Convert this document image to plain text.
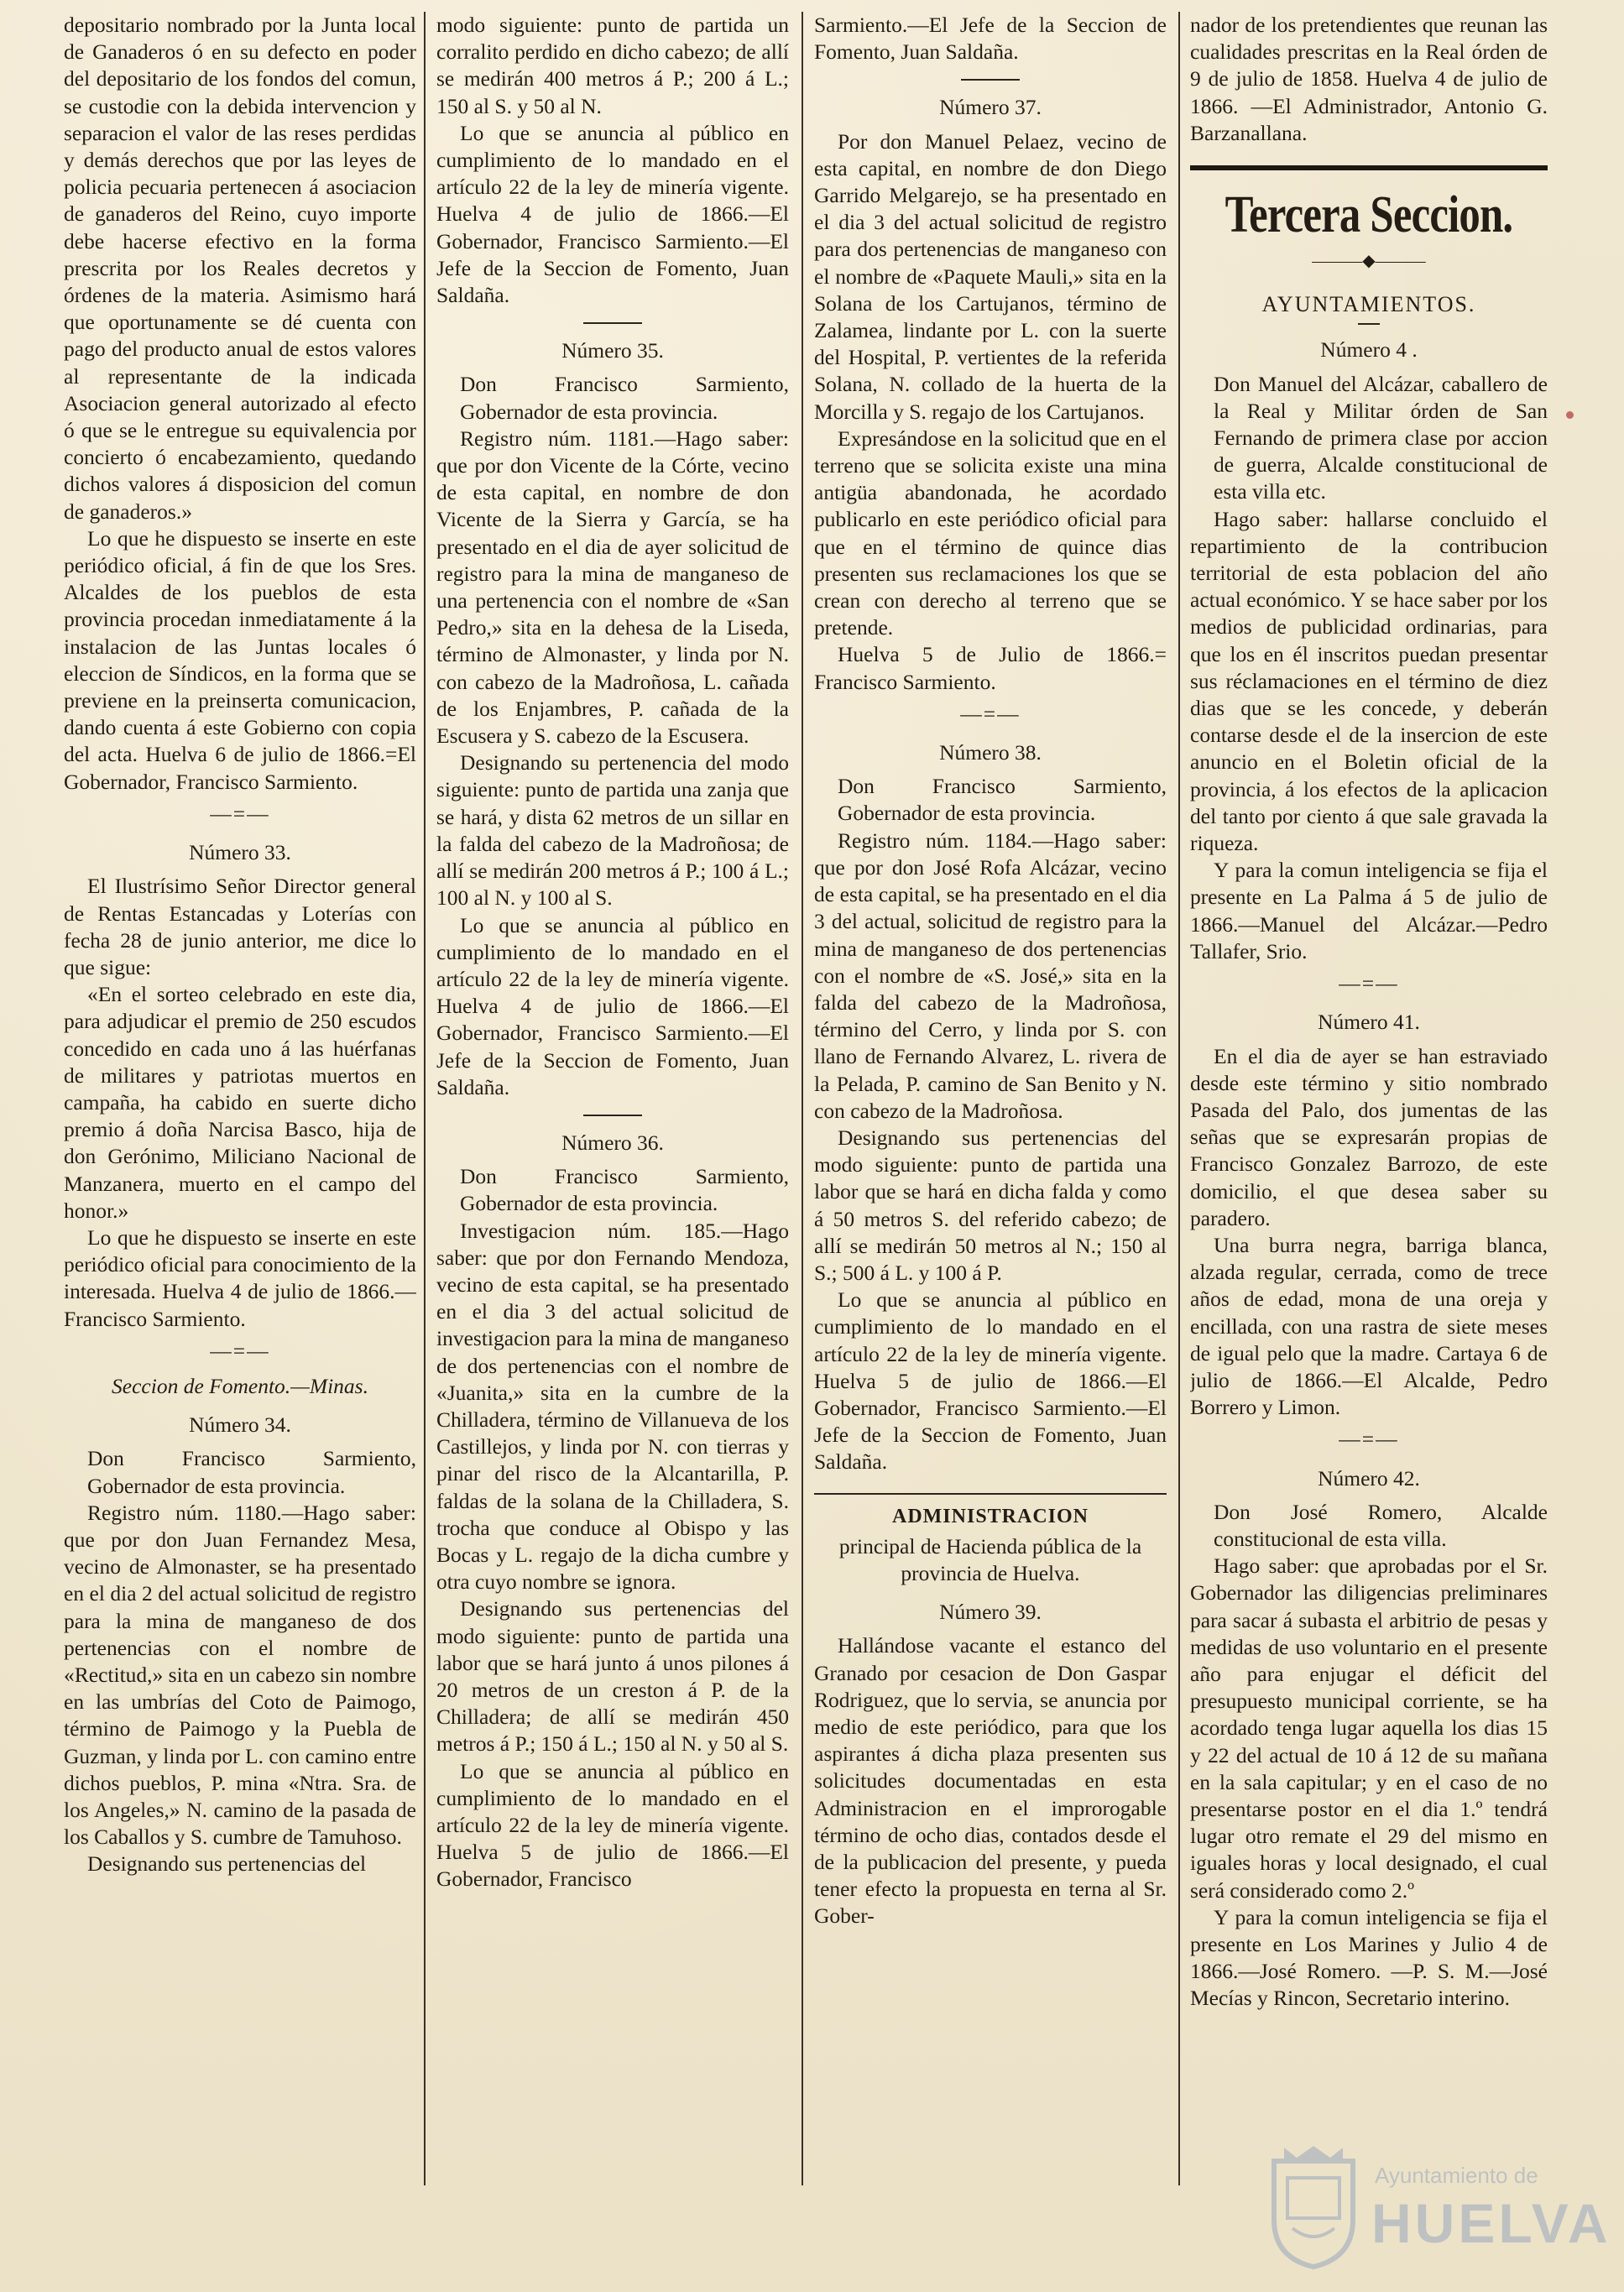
depositario nombrado por la Junta local de Ganaderos ó en su defecto en poder del depositario de los fondos del comun, se custodie con la debida intervencion y separacion el valor de las reses perdidas y demás derechos que por las leyes de policia pecuaria pertenecen á asociacion de ganaderos del Reino, cuyo importe debe hacerse efectivo en la forma prescrita por los Reales decretos y órdenes de la materia. Asimismo hará que oportunamente se dé cuenta con pago del producto anual de estos valores al representante de la indicada Asociacion general autorizado al efecto ó que se le entregue su equivalencia por concierto ó encabezamiento, quedando dichos valores á disposicion del comun de ganaderos.»

Lo que he dispuesto se inserte en este periódico oficial, á fin de que los Sres. Alcaldes de los pueblos de esta provincia procedan inmediatamente á la instalacion de las Juntas locales ó eleccion de Síndicos, en la forma que se previene en la preinserta comunicacion, dando cuenta á este Gobierno con copia del acta. Huelva 6 de julio de 1866.=El Gobernador, Francisco Sarmiento.

—=—

Número 33.

El Ilustrísimo Señor Director general de Rentas Estancadas y Loterías con fecha 28 de junio anterior, me dice lo que sigue:

«En el sorteo celebrado en este dia, para adjudicar el premio de 250 escudos concedido en cada uno á las huérfanas de militares y patriotas muertos en campaña, ha cabido en suerte dicho premio á doña Narcisa Basco, hija de don Gerónimo, Miliciano Nacional de Manzanera, muerto en el campo del honor.»

Lo que he dispuesto se inserte en este periódico oficial para conocimiento de la interesada. Huelva 4 de julio de 1866.—Francisco Sarmiento.

—=—

Seccion de Fomento.—Minas.

Número 34.

Don Francisco Sarmiento, Gobernador de esta provincia.

Registro núm. 1180.—Hago saber: que por don Juan Fernandez Mesa, vecino de Almonaster, se ha presentado en el dia 2 del actual solicitud de registro para la mina de manganeso de dos pertenencias con el nombre de «Rectitud,» sita en un cabezo sin nombre en las umbrías del Coto de Paimogo, término de Paimogo y la Puebla de Guzman, y linda por L. con camino entre dichos pueblos, P. mina «Ntra. Sra. de los Angeles,» N. camino de la pasada de los Caballos y S. cumbre de Tamuhoso.

Designando sus pertenencias del

modo siguiente: punto de partida un corralito perdido en dicho cabezo; de allí se medirán 400 metros á P.; 200 á L.; 150 al S. y 50 al N.

Lo que se anuncia al público en cumplimiento de lo mandado en el artículo 22 de la ley de minería vigente. Huelva 4 de julio de 1866.—El Gobernador, Francisco Sarmiento.—El Jefe de la Seccion de Fomento, Juan Saldaña.

Número 35.

Don Francisco Sarmiento, Gobernador de esta provincia.

Registro núm. 1181.—Hago saber: que por don Vicente de la Córte, vecino de esta capital, en nombre de don Vicente de la Sierra y García, se ha presentado en el dia de ayer solicitud de registro para la mina de manganeso de una pertenencia con el nombre de «San Pedro,» sita en la dehesa de la Liseda, término de Almonaster, y linda por N. con cabezo de la Madroñosa, L. cañada de los Enjambres, P. cañada de la Escusera y S. cabezo de la Escusera.

Designando su pertenencia del modo siguiente: punto de partida una zanja que se hará, y dista 62 metros de un sillar en la falda del cabezo de la Madroñosa; de allí se medirán 200 metros á P.; 100 á L.; 100 al N. y 100 al S.

Lo que se anuncia al público en cumplimiento de lo mandado en el artículo 22 de la ley de minería vigente. Huelva 4 de julio de 1866.—El Gobernador, Francisco Sarmiento.—El Jefe de la Seccion de Fomento, Juan Saldaña.

Número 36.

Don Francisco Sarmiento, Gobernador de esta provincia.

Investigacion núm. 185.—Hago saber: que por don Fernando Mendoza, vecino de esta capital, se ha presentado en el dia 3 del actual solicitud de investigacion para la mina de manganeso de dos pertenencias con el nombre de «Juanita,» sita en la cumbre de la Chilladera, término de Villanueva de los Castillejos, y linda por N. con tierras y pinar del risco de la Alcantarilla, P. faldas de la solana de la Chilladera, S. trocha que conduce al Obispo y las Bocas y L. regajo de la dicha cumbre y otra cuyo nombre se ignora.

Designando sus pertenencias del modo siguiente: punto de partida una labor que se hará junto á unos pilones á 20 metros de un creston á P. de la Chilladera; de allí se medirán 450 metros á P.; 150 á L.; 150 al N. y 50 al S.

Lo que se anuncia al público en cumplimiento de lo mandado en el artículo 22 de la ley de minería vigente. Huelva 5 de julio de 1866.—El Gobernador, Francisco

Sarmiento.—El Jefe de la Seccion de Fomento, Juan Saldaña.

Número 37.

Por don Manuel Pelaez, vecino de esta capital, en nombre de don Diego Garrido Melgarejo, se ha presentado en el dia 3 del actual solicitud de registro para dos pertenencias de manganeso con el nombre de «Paquete Mauli,» sita en la Solana de los Cartujanos, término de Zalamea, lindante por L. con la suerte del Hospital, P. vertientes de la referida Solana, N. collado de la huerta de la Morcilla y S. regajo de los Cartujanos.

Expresándose en la solicitud que en el terreno que se solicita existe una mina antigüa abandonada, he acordado publicarlo en este periódico oficial para que en el término de quince dias presenten sus reclamaciones los que se crean con derecho al terreno que se pretende.

Huelva 5 de Julio de 1866.= Francisco Sarmiento.

—=—

Número 38.

Don Francisco Sarmiento, Gobernador de esta provincia.

Registro núm. 1184.—Hago saber: que por don José Rofa Alcázar, vecino de esta capital, se ha presentado en el dia 3 del actual, solicitud de registro para la mina de manganeso de dos pertenencias con el nombre de «S. José,» sita en la falda del cabezo de la Madroñosa, término del Cerro, y linda por S. con llano de Fernando Alvarez, L. rivera de la Pelada, P. camino de San Benito y N. con cabezo de la Madroñosa.

Designando sus pertenencias del modo siguiente: punto de partida una labor que se hará en dicha falda y como á 50 metros S. del referido cabezo; de allí se medirán 50 metros al N.; 150 al S.; 500 á L. y 100 á P.

Lo que se anuncia al público en cumplimiento de lo mandado en el artículo 22 de la ley de minería vigente. Huelva 5 de julio de 1866.—El Gobernador, Francisco Sarmiento.—El Jefe de la Seccion de Fomento, Juan Saldaña.

ADMINISTRACION

principal de Hacienda pública de la provincia de Huelva.

Número 39.

Hallándose vacante el estanco del Granado por cesacion de Don Gaspar Rodriguez, que lo servia, se anuncia por medio de este periódico, para que los aspirantes á dicha plaza presenten sus solicitudes documentadas en esta Administracion en el improrogable término de ocho dias, contados desde el de la publicacion del presente, y pueda tener efecto la propuesta en terna al Sr. Gober-

nador de los pretendientes que reunan las cualidades prescritas en la Real órden de 9 de julio de 1858. Huelva 4 de julio de 1866. —El Administrador, Antonio G. Barzanallana.

Tercera Seccion.
———◆———
AYUNTAMIENTOS.

Número 4 .

Don Manuel del Alcázar, caballero de la Real y Militar órden de San Fernando de primera clase por accion de guerra, Alcalde constitucional de esta villa etc.

Hago saber: hallarse concluido el repartimiento de la contribucion territorial de esta poblacion del año actual económico. Y se hace saber por los medios de publicidad ordinarias, para que los en él inscritos puedan presentar sus réclamaciones en el término de diez dias que se les concede, y deberán contarse desde el de la insercion de este anuncio en el Boletin oficial de la provincia, á los efectos de la aplicacion del tanto por ciento á que sale gravada la riqueza.

Y para la comun inteligencia se fija el presente en La Palma á 5 de julio de 1866.—Manuel del Alcázar.—Pedro Tallafer, Srio.

—=—

Número 41.

En el dia de ayer se han estraviado desde este término y sitio nombrado Pasada del Palo, dos jumentas de las señas que se expresarán propias de Francisco Gonzalez Barrozo, de este domicilio, el que desea saber su paradero.

Una burra negra, barriga blanca, alzada regular, cerrada, como de trece años de edad, mona de una oreja y encillada, con una rastra de siete meses de igual pelo que la madre. Cartaya 6 de julio de 1866.—El Alcalde, Pedro Borrero y Limon.

—=—

Número 42.

Don José Romero, Alcalde constitucional de esta villa.

Hago saber: que aprobadas por el Sr. Gobernador las diligencias preliminares para sacar á subasta el arbitrio de pesas y medidas de uso voluntario en el presente año para enjugar el déficit del presupuesto municipal corriente, se ha acordado tenga lugar aquella los dias 15 y 22 del actual de 10 á 12 de su mañana en la sala capitular; y en el caso de no presentarse postor en el dia 1.º tendrá lugar otro remate el 29 del mismo en iguales horas y local designado, el cual será considerado como 2.º

Y para la comun inteligencia se fija el presente en Los Marines y Julio 4 de 1866.—José Romero. —P. S. M.—José Mecías y Rincon, Secretario interino.

Ayuntamiento de
HUELVA
